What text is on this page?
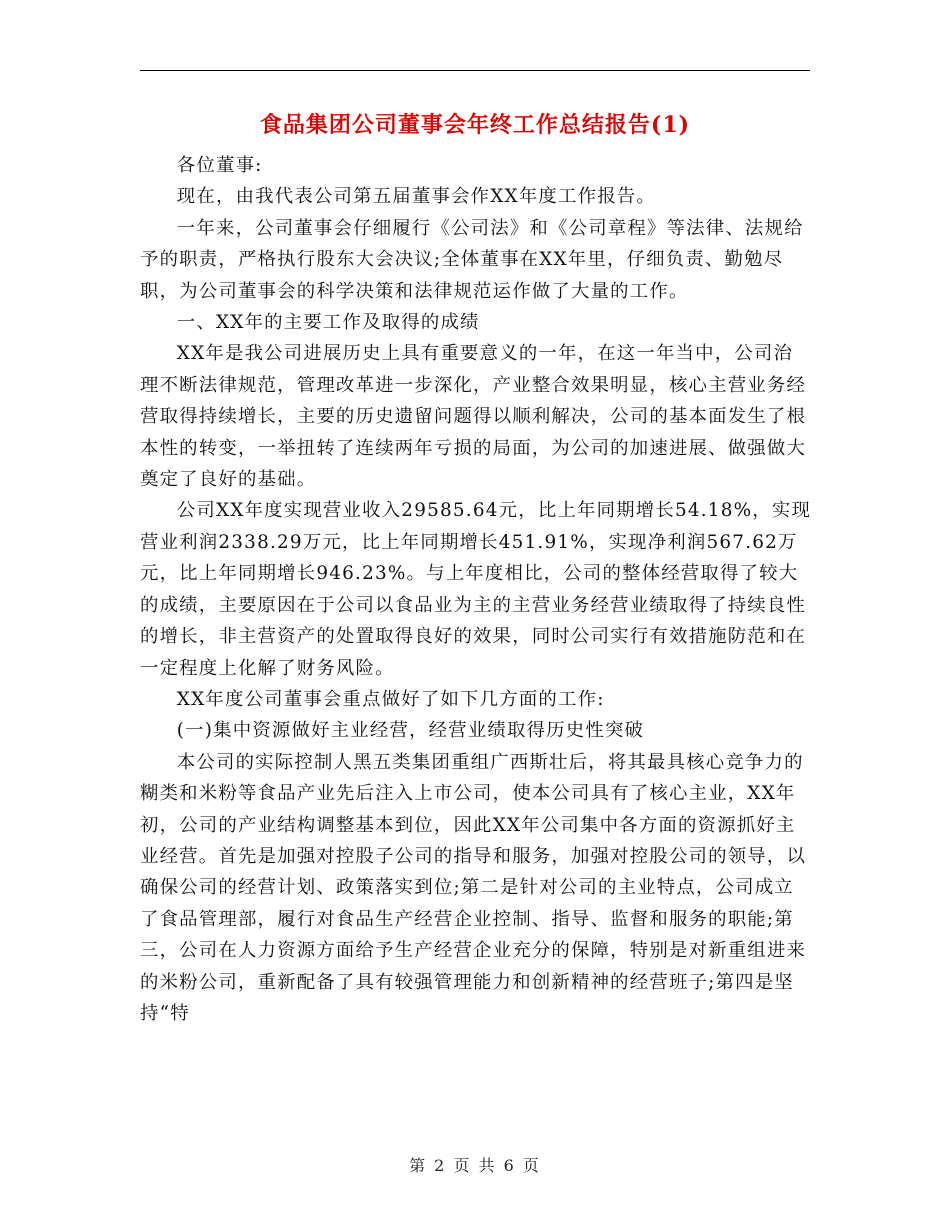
食品集团公司董事会年终工作总结报告(1)

各位董事:

现在，由我代表公司第五届董事会作XX年度工作报告。

一年来，公司董事会仔细履行《公司法》和《公司章程》等法律、法规给予的职责，严格执行股东大会决议;全体董事在XX年里，仔细负责、勤勉尽职，为公司董事会的科学决策和法律规范运作做了大量的工作。

一、XX年的主要工作及取得的成绩

XX年是我公司进展历史上具有重要意义的一年，在这一年当中，公司治理不断法律规范，管理改革进一步深化，产业整合效果明显，核心主营业务经营取得持续增长，主要的历史遗留问题得以顺利解决，公司的基本面发生了根本性的转变，一举扭转了连续两年亏损的局面，为公司的加速进展、做强做大奠定了良好的基础。

公司XX年度实现营业收入29585.64元，比上年同期增长54.18%，实现营业利润2338.29万元，比上年同期增长451.91%，实现净利润567.62万元，比上年同期增长946.23%。与上年度相比，公司的整体经营取得了较大的成绩，主要原因在于公司以食品业为主的主营业务经营业绩取得了持续良性的增长，非主营资产的处置取得良好的效果，同时公司实行有效措施防范和在一定程度上化解了财务风险。

XX年度公司董事会重点做好了如下几方面的工作:

(一)集中资源做好主业经营，经营业绩取得历史性突破

本公司的实际控制人黑五类集团重组广西斯壮后，将其最具核心竞争力的糊类和米粉等食品产业先后注入上市公司，使本公司具有了核心主业，XX年初，公司的产业结构调整基本到位，因此XX年公司集中各方面的资源抓好主业经营。首先是加强对控股子公司的指导和服务，加强对控股公司的领导，以确保公司的经营计划、政策落实到位;第二是针对公司的主业特点，公司成立了食品管理部，履行对食品生产经营企业控制、指导、监督和服务的职能;第三，公司在人力资源方面给予生产经营企业充分的保障，特别是对新重组进来的米粉公司，重新配备了具有较强管理能力和创新精神的经营班子;第四是坚持“特

第 2 页 共 6 页
